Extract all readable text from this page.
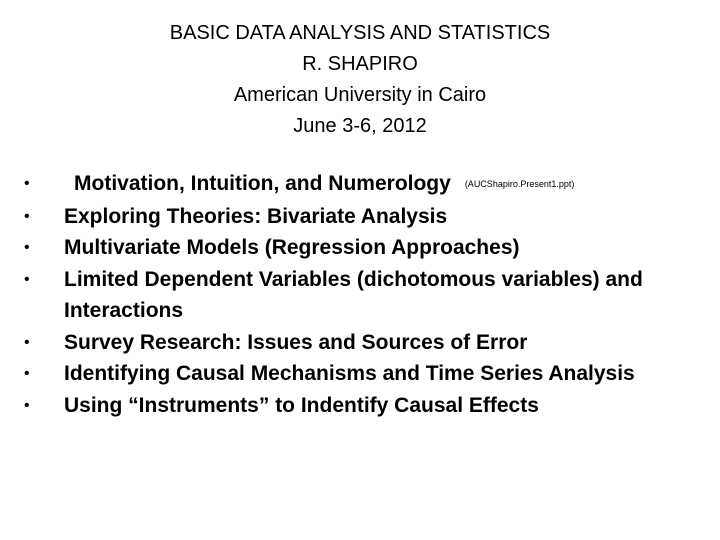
BASIC DATA ANALYSIS AND STATISTICS
R. SHAPIRO
American University in Cairo
June 3-6, 2012
•	Motivation, Intuition, and Numerology (AUCShapiro.Present1.ppt)
•	Exploring Theories: Bivariate Analysis
•	Multivariate Models (Regression Approaches)
•	Limited Dependent Variables (dichotomous variables) and Interactions
•	Survey Research: Issues and Sources of Error
•	Identifying Causal Mechanisms and Time Series Analysis
•	Using “Instruments” to Indentify Causal Effects
